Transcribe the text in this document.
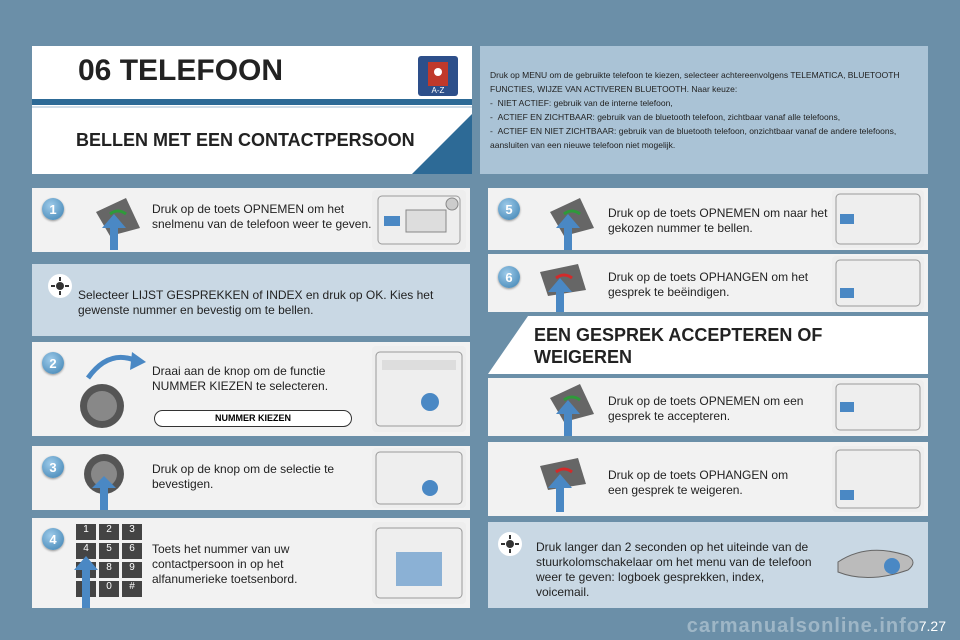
06 TELEFOON
A-Z
BELLEN MET EEN CONTACTPERSOON
Druk op MENU om de gebruikte telefoon te kiezen, selecteer achtereenvolgens TELEMATICA, BLUETOOTH FUNCTIES, WIJZE VAN ACTIVEREN BLUETOOTH. Naar keuze:
-  NIET ACTIEF: gebruik van de interne telefoon,
-  ACTIEF EN ZICHTBAAR: gebruik van de bluetooth telefoon, zichtbaar vanaf alle telefoons,
-  ACTIEF EN NIET ZICHTBAAR: gebruik van de bluetooth telefoon, onzichtbaar vanaf de andere telefoons, aansluiten van een nieuwe telefoon niet mogelijk.
1	Druk op de toets OPNEMEN om het snelmenu van de telefoon weer te geven.
Selecteer LIJST GESPREKKEN of INDEX en druk op OK. Kies het gewenste nummer en bevestig om te bellen.
2
Draai aan de knop om de functie NUMMER KIEZEN te selecteren.
NUMMER KIEZEN
3	Druk op de knop om de selectie te bevestigen.
4
1	2	3
4	5	6
8	9
0	#
Toets het nummer van uw contactpersoon in op het alfanumerieke toetsenbord.
5	Druk op de toets OPNEMEN om naar het gekozen nummer te bellen.
6	Druk op de toets OPHANGEN om het gesprek te beëindigen.
EEN GESPREK ACCEPTEREN OF
WEIGEREN
Druk op de toets OPNEMEN om een gesprek te accepteren.
Druk op de toets OPHANGEN om een gesprek te weigeren.
Druk langer dan 2 seconden op het uiteinde van de stuurkolomschakelaar om het menu van de telefoon weer te geven: logboek gesprekken, index, voicemail.
carmanualsonline.info
7.27
